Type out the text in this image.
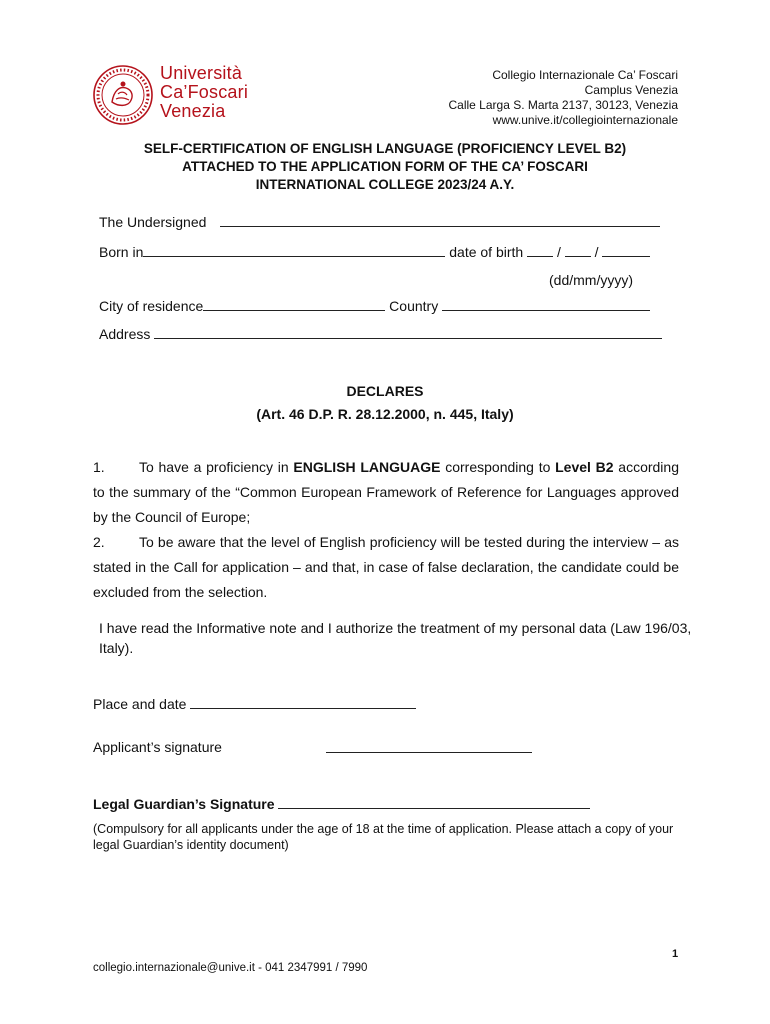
Università
Ca’Foscari
Venezia
Collegio Internazionale Ca’ Foscari
Camplus Venezia
Calle Larga S. Marta 2137, 30123, Venezia
www.unive.it/collegiointernazionale
SELF-CERTIFICATION OF ENGLISH LANGUAGE (PROFICIENCY LEVEL B2)
ATTACHED TO THE APPLICATION FORM OF THE CA’ FOSCARI
INTERNATIONAL COLLEGE 2023/24 A.Y.
The Undersigned
Born in	date of birth / /
(dd/mm/yyyy)
City of residence	Country
Address
DECLARES
(Art. 46 D.P. R. 28.12.2000, n. 445, Italy)

1. To have a proficiency in ENGLISH LANGUAGE corresponding to Level B2 according to the summary of the “Common European Framework of Reference for Languages approved by the Council of Europe;

2. To be aware that the level of English proficiency will be tested during the interview – as stated in the Call for application – and that, in case of false declaration, the candidate could be excluded from the selection.

I have read the Informative note and I authorize the treatment of my personal data (Law 196/03, Italy).
Place and date
Applicant’s signature
Legal Guardian’s Signature
(Compulsory for all applicants under the age of 18 at the time of application. Please attach a copy of your legal Guardian’s identity document)
1
collegio.internazionale@unive.it - 041 2347991 / 7990
